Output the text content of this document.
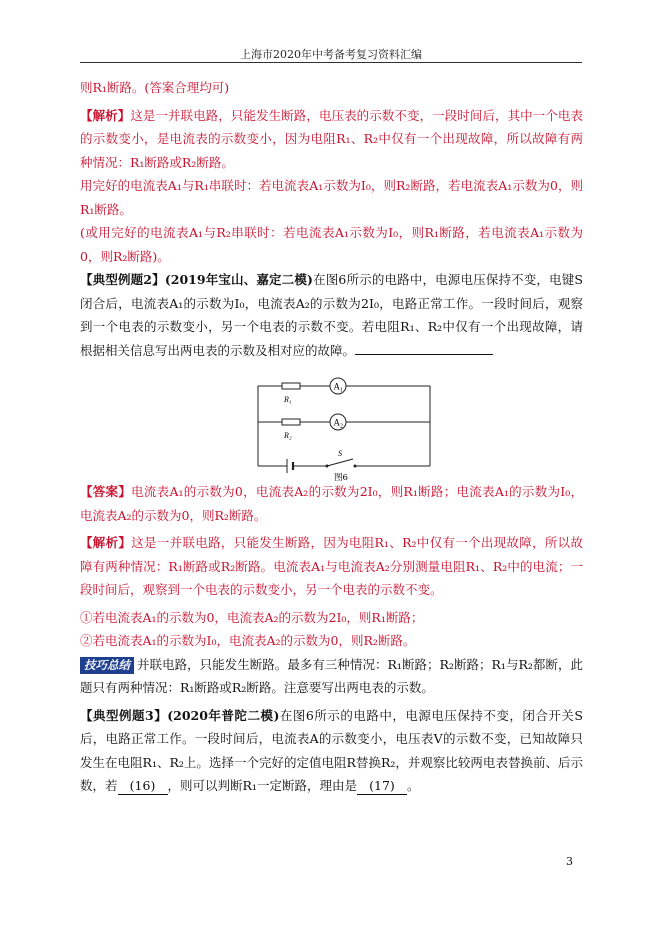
上海市2020年中考备考复习资料汇编

则R₁断路。(答案合理均可)

【解析】这是一并联电路，只能发生断路，电压表的示数不变，一段时间后，其中一个电表的示数变小，是电流表的示数变小，因为电阻R₁、R₂中仅有一个出现故障，所以故障有两种情况：R₁断路或R₂断路。

用完好的电流表A₁与R₁串联时：若电流表A₁示数为I₀，则R₂断路，若电流表A₁示数为0，则R₁断路。

(或用完好的电流表A₁与R₂串联时：若电流表A₁示数为I₀，则R₁断路，若电流表A₁示数为0，则R₂断路)。

【典型例题2】(2019年宝山、嘉定二模)在图6所示的电路中，电源电压保持不变，电键S闭合后，电流表A₁的示数为I₀，电流表A₂的示数为2I₀，电路正常工作。一段时间后，观察到一个电表的示数变小，另一个电表的示数不变。若电阻R₁、R₂中仅有一个出现故障，请根据相关信息写出两电表的示数及相对应的故障。

R₁
R₂
$A_1$
$A_2$
S
图6

【答案】电流表A₁的示数为0，电流表A₂的示数为2I₀，则R₁断路；电流表A₁的示数为I₀，电流表A₂的示数为0，则R₂断路。

【解析】这是一并联电路，只能发生断路，因为电阻R₁、R₂中仅有一个出现故障，所以故障有两种情况：R₁断路或R₂断路。电流表A₁与电流表A₂分别测量电阻R₁、R₂中的电流；一段时间后，观察到一个电表的示数变小，另一个电表的示数不变。

①若电流表A₁的示数为0，电流表A₂的示数为2I₀，则R₁断路；

②若电流表A₁的示数为I₀，电流表A₂的示数为0，则R₂断路。

技巧总结 并联电路，只能发生断路。最多有三种情况：R₁断路；R₂断路；R₁与R₂都断，此题只有两种情况：R₁断路或R₂断路。注意要写出两电表的示数。

【典型例题3】(2020年普陀二模)在图6所示的电路中，电源电压保持不变，闭合开关S后，电路正常工作。一段时间后，电流表A的示数变小，电压表V的示数不变，已知故障只发生在电阻R₁、R₂上。选择一个完好的定值电阻R替换R₂，并观察比较两电表替换前、后示数，若 (16) ，则可以判断R₁一定断路，理由是 (17) 。

3
